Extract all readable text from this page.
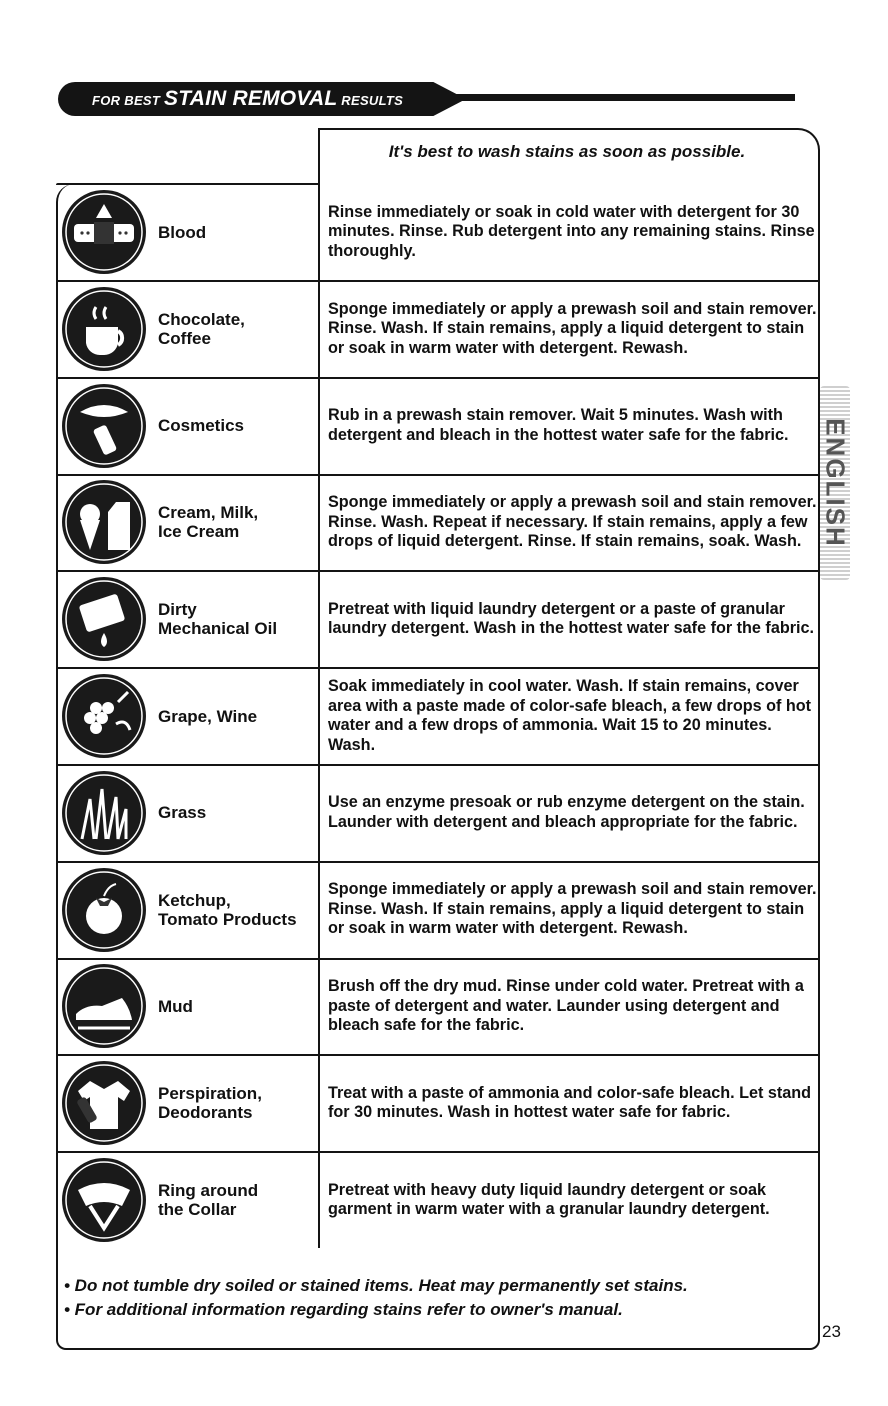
FOR BEST STAIN REMOVAL RESULTS
It's best to wash stains as soon as possible.
Blood
Rinse immediately or soak in cold water with detergent for 30 minutes. Rinse. Rub detergent into any remaining stains. Rinse thoroughly.
Chocolate,
Coffee
Sponge immediately or apply a prewash soil and stain remover. Rinse. Wash. If stain remains, apply a liquid detergent to stain or soak in warm water with detergent. Rewash.
Cosmetics
Rub in a prewash stain remover. Wait 5 minutes. Wash with detergent and bleach in the hottest water safe for the fabric.
Cream, Milk,
Ice Cream
Sponge immediately or apply a prewash soil and stain remover. Rinse. Wash. Repeat if necessary. If stain remains, apply a few drops of liquid detergent. Rinse. If stain remains, soak. Wash.
Dirty
Mechanical Oil
Pretreat with liquid laundry detergent or a paste of granular laundry detergent. Wash in the hottest water safe for the fabric.
Grape, Wine
Soak immediately in cool water. Wash. If stain remains, cover area with a paste made of color-safe bleach, a few drops of hot water and a few drops of ammonia. Wait 15 to 20 minutes. Wash.
Grass
Use an enzyme presoak or rub enzyme detergent on the stain. Launder with detergent and bleach appropriate for the fabric.
Ketchup,
Tomato Products
Sponge immediately or apply a prewash soil and stain remover. Rinse. Wash. If stain remains, apply a liquid detergent to stain or soak in warm water with detergent. Rewash.
Mud
Brush off the dry mud. Rinse under cold water. Pretreat with a paste of detergent and water. Launder using detergent and bleach safe for the fabric.
Perspiration,
Deodorants
Treat with a paste of ammonia and color-safe bleach. Let stand for 30 minutes. Wash in hottest water safe for fabric.
Ring around
the Collar
Pretreat with heavy duty liquid laundry detergent or soak garment in warm water with a granular laundry detergent.
• Do not tumble dry soiled or stained items. Heat may permanently set stains.
• For additional information regarding stains refer to owner's manual.
ENGLISH
23
